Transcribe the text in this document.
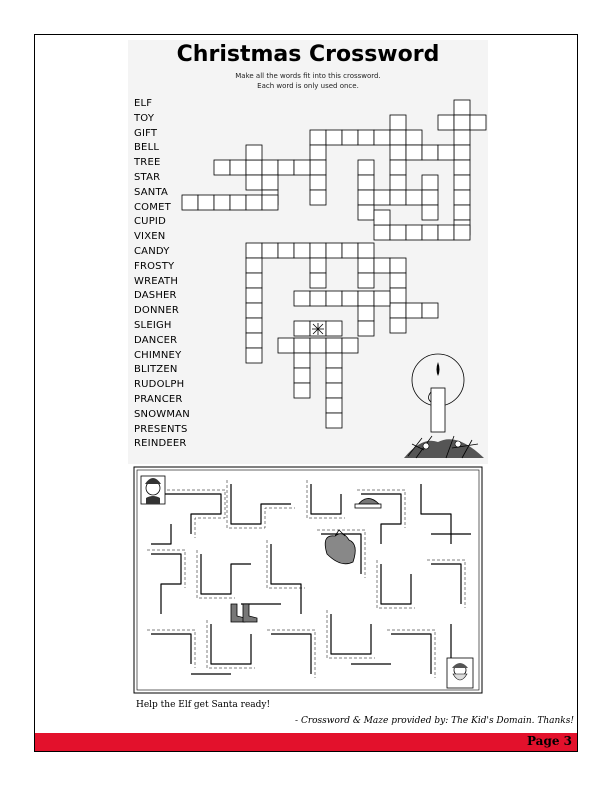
Christmas Crossword
Make all the words fit into this crossword.
Each word is only used once.
ELF
TOY
GIFT
BELL
TREE
STAR
SANTA
COMET
CUPID
VIXEN
CANDY
FROSTY
WREATH
DASHER
DONNER
SLEIGH
DANCER
CHIMNEY
BLITZEN
RUDOLPH
PRANCER
SNOWMAN
PRESENTS
REINDEER
Help the Elf get Santa ready!
- Crossword & Maze provided by: The Kid's Domain. Thanks!
Page 3
